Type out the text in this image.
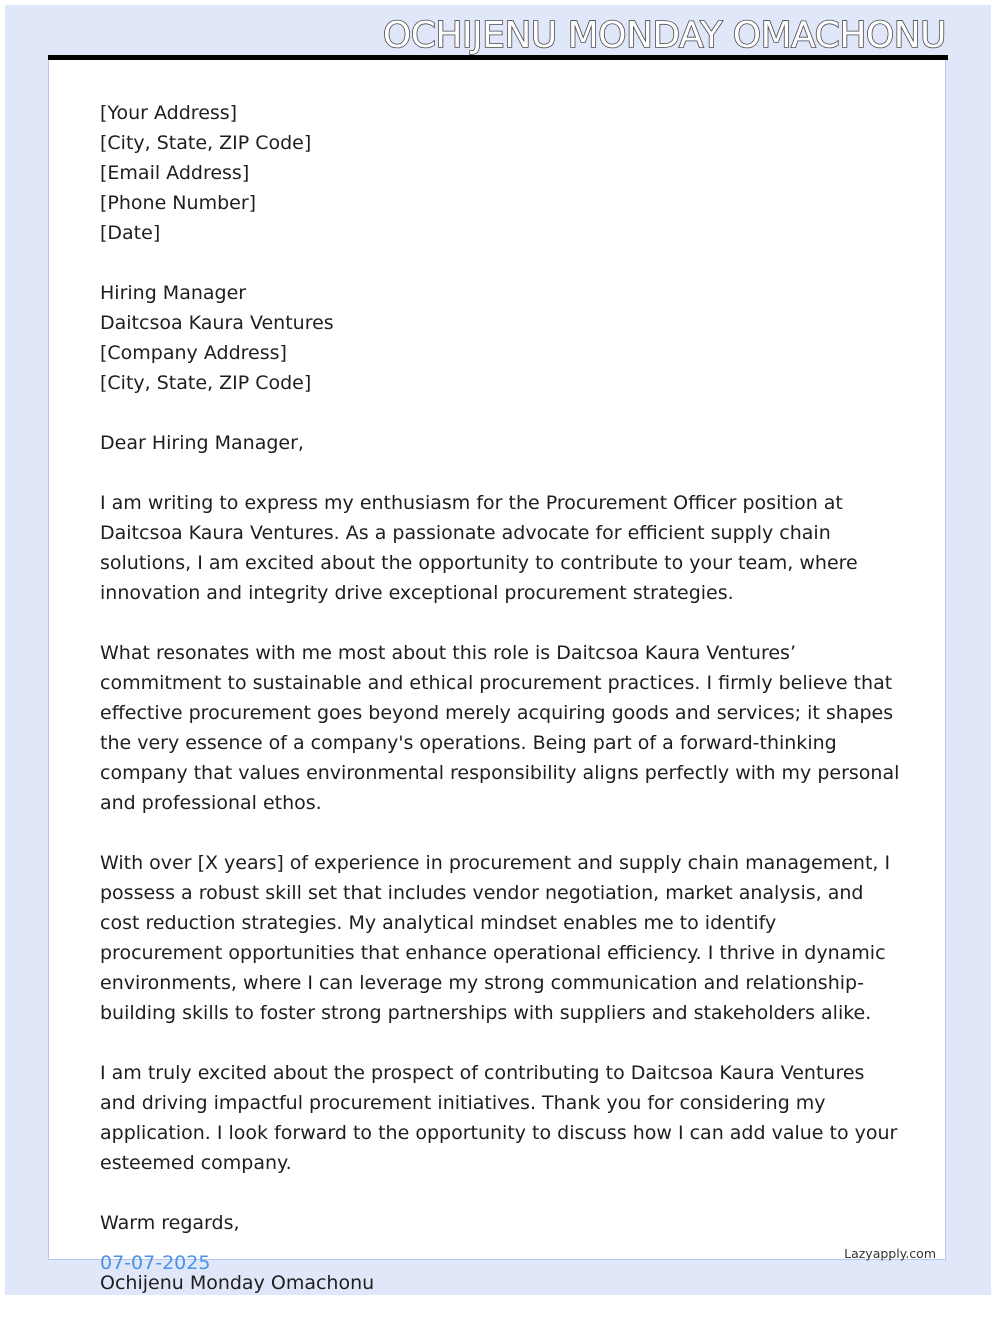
OCHIJENU MONDAY OMACHONU

[Your Address]
[City, State, ZIP Code]
[Email Address]
[Phone Number]
[Date]

Hiring Manager
Daitcsoa Kaura Ventures
[Company Address]
[City, State, ZIP Code]

Dear Hiring Manager,

I am writing to express my enthusiasm for the Procurement Officer position at Daitcsoa Kaura Ventures. As a passionate advocate for efficient supply chain solutions, I am excited about the opportunity to contribute to your team, where innovation and integrity drive exceptional procurement strategies.

What resonates with me most about this role is Daitcsoa Kaura Ventures’ commitment to sustainable and ethical procurement practices. I firmly believe that effective procurement goes beyond merely acquiring goods and services; it shapes the very essence of a company's operations. Being part of a forward-thinking company that values environmental responsibility aligns perfectly with my personal and professional ethos.

With over [X years] of experience in procurement and supply chain management, I possess a robust skill set that includes vendor negotiation, market analysis, and cost reduction strategies. My analytical mindset enables me to identify procurement opportunities that enhance operational efficiency. I thrive in dynamic environments, where I can leverage my strong communication and relationship-building skills to foster strong partnerships with suppliers and stakeholders alike.

I am truly excited about the prospect of contributing to Daitcsoa Kaura Ventures and driving impactful procurement initiatives. Thank you for considering my application. I look forward to the opportunity to discuss how I can add value to your esteemed company.

Warm regards,

Ochijenu Monday Omachonu

07-07-2025	Lazyapply.com
